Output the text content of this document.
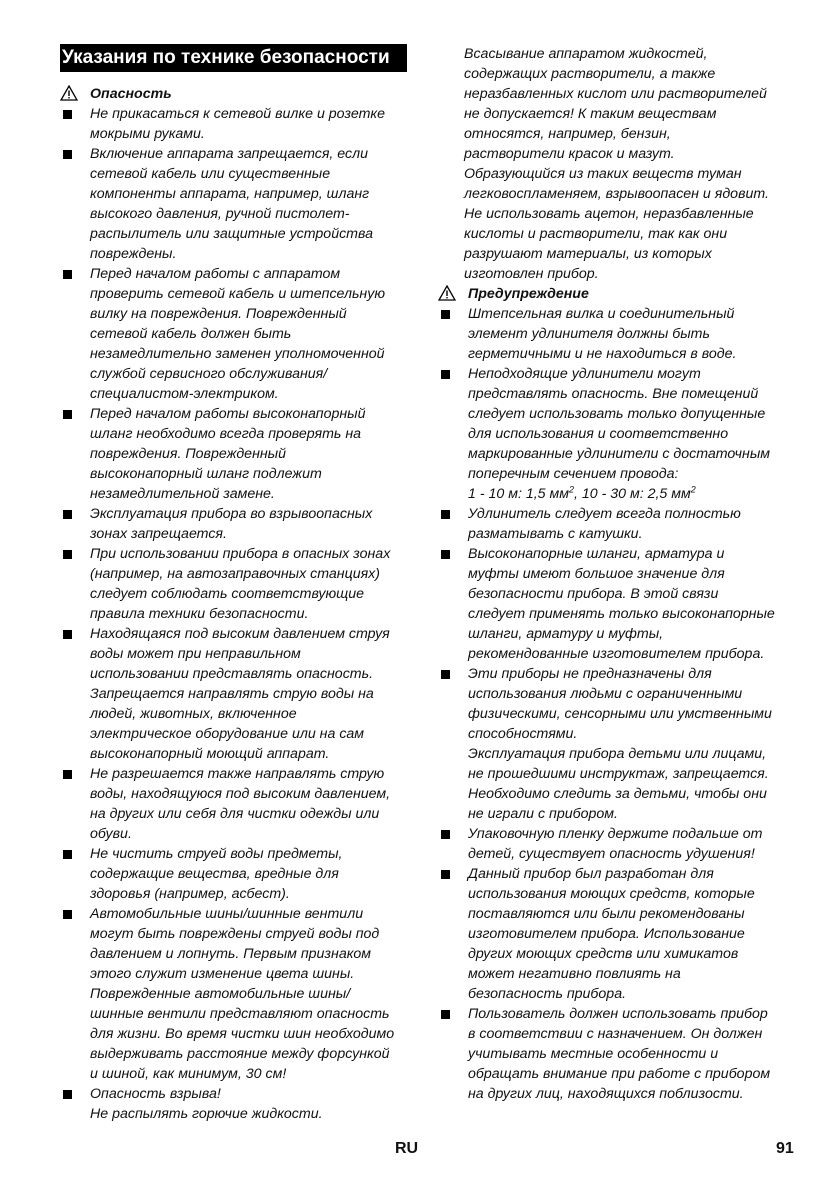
Указания по технике безопасности
Опасность
Не прикасаться к сетевой вилке и розетке
мокрыми руками.
Включение аппарата запрещается, если
сетевой кабель или существенные
компоненты аппарата, например, шланг
высокого давления, ручной пистолет-
распылитель или защитные устройства
повреждены.
Перед началом работы с аппаратом
проверить сетевой кабель и штепсельную
вилку на повреждения. Поврежденный
сетевой кабель должен быть
незамедлительно заменен уполномоченной
службой сервисного обслуживания/
специалистом-электриком.
Перед началом работы высоконапорный
шланг необходимо всегда проверять на
повреждения. Поврежденный
высоконапорный шланг подлежит
незамедлительной замене.
Эксплуатация прибора во взрывоопасных
зонах запрещается.
При использовании прибора в опасных зонах
(например, на автозаправочных станциях)
следует соблюдать соответствующие
правила техники безопасности.
Находящаяся под высоким давлением струя
воды может при неправильном
использовании представлять опасность.
Запрещается направлять струю воды на
людей, животных, включенное
электрическое оборудование или на сам
высоконапорный моющий аппарат.
Не разрешается также направлять струю
воды, находящуюся под высоким давлением,
на других или себя для чистки одежды или
обуви.
Не чистить струей воды предметы,
содержащие вещества, вредные для
здоровья (например, асбест).
Автомобильные шины/шинные вентили
могут быть повреждены струей воды под
давлением и лопнуть. Первым признаком
этого служит изменение цвета шины.
Поврежденные автомобильные шины/
шинные вентили представляют опасность
для жизни. Во время чистки шин необходимо
выдерживать расстояние между форсункой
и шиной, как минимум, 30 см!
Опасность взрыва!
Не распылять горючие жидкости.
Всасывание аппаратом жидкостей,
содержащих растворители, а также
неразбавленных кислот или растворителей
не допускается! К таким веществам
относятся, например, бензин,
растворители красок и мазут.
Образующийся из таких веществ туман
легковоспламеняем, взрывоопасен и ядовит.
Не использовать ацетон, неразбавленные
кислоты и растворители, так как они
разрушают материалы, из которых
изготовлен прибор.
Предупреждение
Штепсельная вилка и соединительный
элемент удлинителя должны быть
герметичными и не находиться в воде.
Неподходящие удлинители могут
представлять опасность. Вне помещений
следует использовать только допущенные
для использования и соответственно
маркированные удлинители с достаточным
поперечным сечением провода:
1 - 10 м: 1,5 $мм^2$, 10 - 30 м: 2,5 $мм^2$
Удлинитель следует всегда полностью
разматывать с катушки.
Высоконапорные шланги, арматура и
муфты имеют большое значение для
безопасности прибора. В этой связи
следует применять только высоконапорные
шланги, арматуру и муфты,
рекомендованные изготовителем прибора.
Эти приборы не предназначены для
использования людьми с ограниченными
физическими, сенсорными или умственными
способностями.
Эксплуатация прибора детьми или лицами,
не прошедшими инструктаж, запрещается.
Необходимо следить за детьми, чтобы они
не играли с прибором.
Упаковочную пленку держите подальше от
детей, существует опасность удушения!
Данный прибор был разработан для
использования моющих средств, которые
поставляются или были рекомендованы
изготовителем прибора. Использование
других моющих средств или химикатов
может негативно повлиять на
безопасность прибора.
Пользователь должен использовать прибор
в соответствии с назначением. Он должен
учитывать местные особенности и
обращать внимание при работе с прибором
на других лиц, находящихся поблизости.
RU	91
